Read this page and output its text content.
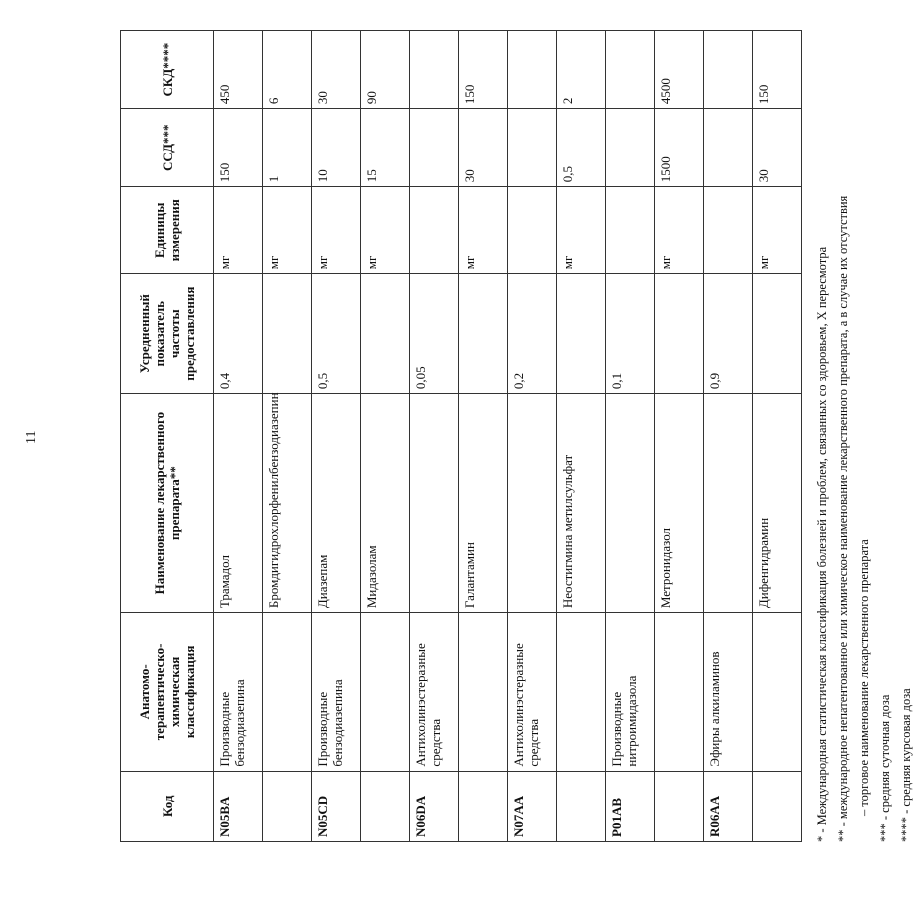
11
Код	Анатомо-терапевтическо-химическая классификация	Наименование лекарственного препарата**	Усредненный показатель частоты предоставления	Единицы измерения	ССД***	СКД****
N05BA	Производные бензодиазепина	Трамадол	0,4	мг	150	450
		Бромдигидрохлорфенилбензодиазепин		мг	1	6
N05CD	Производные бензодиазепина	Диазепам	0,5	мг	10	30
		Мидазолам		мг	15	90
N06DA	Антихолинэстеразные средства		0,05			
		Галантамин		мг	30	150
N07AA	Антихолинэстеразные средства		0,2			
		Неостигмина метилсульфат		мг	0,5	2
P01AB	Производные нитроимидазола		0,1			
		Метронидазол		мг	1500	4500
R06AA	Эфиры алкиламинов		0,9			
		Дифенгидрамин		мг	30	150
* - Международная статистическая классификация болезней и проблем, связанных со здоровьем, X пересмотра ** - международное непатентованное или химическое наименование лекарственного препарата, а в случае их отсутствия – торговое наименование лекарственного препарата *** - средняя суточная доза **** - средняя курсовая доза
